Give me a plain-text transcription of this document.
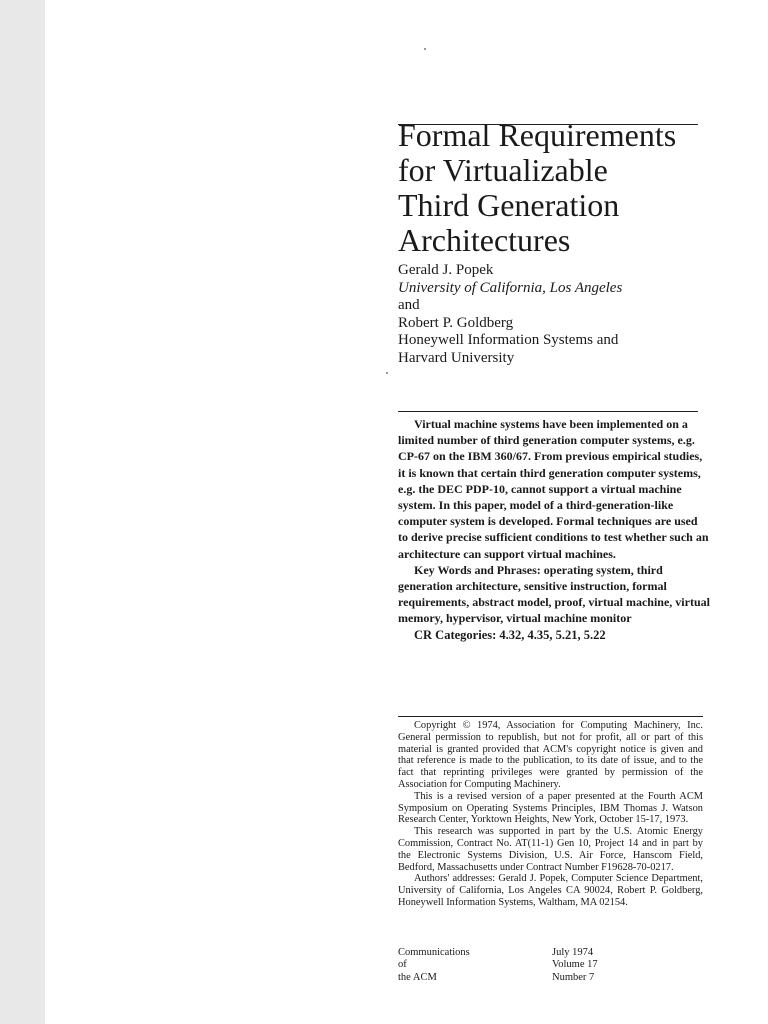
Formal Requirements
for Virtualizable
Third Generation
Architectures
Gerald J. Popek
University of California, Los Angeles
and
Robert P. Goldberg
Honeywell Information Systems and
Harvard University

Virtual machine systems have been implemented on a limited number of third generation computer systems, e.g. CP-67 on the IBM 360/67. From previous empirical studies, it is known that certain third generation computer systems, e.g. the DEC PDP-10, cannot support a virtual machine system. In this paper, model of a third-generation-like computer system is developed. Formal techniques are used to derive precise sufficient conditions to test whether such an architecture can support virtual machines.

Key Words and Phrases: operating system, third generation architecture, sensitive instruction, formal requirements, abstract model, proof, virtual machine, virtual memory, hypervisor, virtual machine monitor

CR Categories: 4.32, 4.35, 5.21, 5.22

Copyright © 1974, Association for Computing Machinery, Inc. General permission to republish, but not for profit, all or part of this material is granted provided that ACM's copyright notice is given and that reference is made to the publication, to its date of issue, and to the fact that reprinting privileges were granted by permission of the Association for Computing Machinery.

This is a revised version of a paper presented at the Fourth ACM Symposium on Operating Systems Principles, IBM Thomas J. Watson Research Center, Yorktown Heights, New York, October 15-17, 1973.

This research was supported in part by the U.S. Atomic Energy Commission, Contract No. AT(11-1) Gen 10, Project 14 and in part by the Electronic Systems Division, U.S. Air Force, Hanscom Field, Bedford, Massachusetts under Contract Number F19628-70-0217.

Authors' addresses: Gerald J. Popek, Computer Science Department, University of California, Los Angeles CA 90024, Robert P. Goldberg, Honeywell Information Systems, Waltham, MA 02154.

Communications
of
the ACM
July 1974
Volume 17
Number 7
